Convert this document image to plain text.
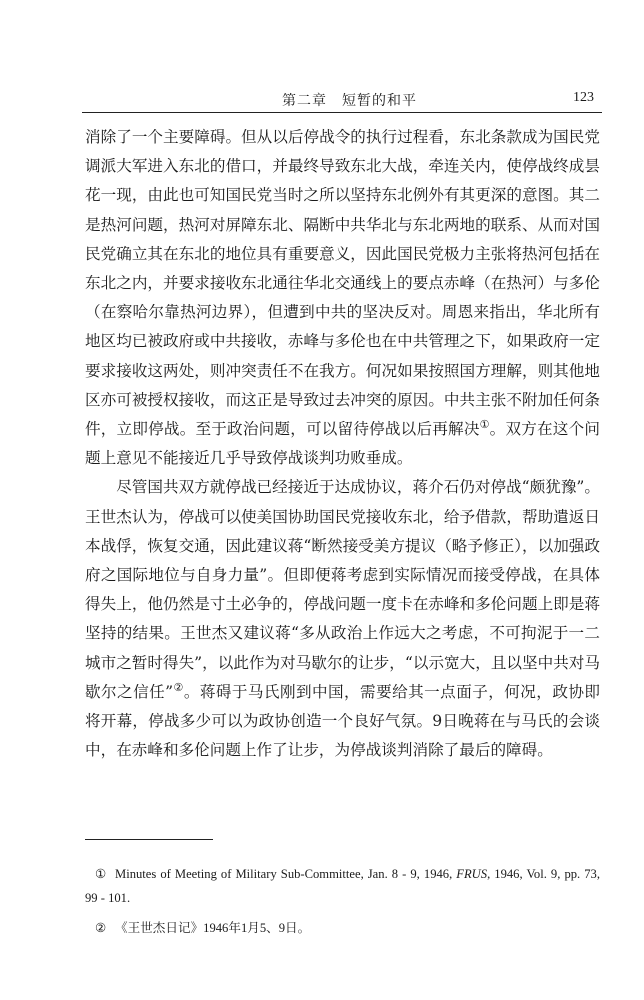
第二章　短暂的和平	123

消除了一个主要障碍。但从以后停战令的执行过程看，东北条款成为国民党调派大军进入东北的借口，并最终导致东北大战，牵连关内，使停战终成昙花一现，由此也可知国民党当时之所以坚持东北例外有其更深的意图。其二是热河问题，热河对屏障东北、隔断中共华北与东北两地的联系、从而对国民党确立其在东北的地位具有重要意义，因此国民党极力主张将热河包括在东北之内，并要求接收东北通往华北交通线上的要点赤峰（在热河）与多伦（在察哈尔靠热河边界），但遭到中共的坚决反对。周恩来指出，华北所有地区均已被政府或中共接收，赤峰与多伦也在中共管理之下，如果政府一定要求接收这两处，则冲突责任不在我方。何况如果按照国方理解，则其他地区亦可被授权接收，而这正是导致过去冲突的原因。中共主张不附加任何条件，立即停战。至于政治问题，可以留待停战以后再解决①。双方在这个问题上意见不能接近几乎导致停战谈判功败垂成。

尽管国共双方就停战已经接近于达成协议，蒋介石仍对停战“颇犹豫”。王世杰认为，停战可以使美国协助国民党接收东北，给予借款，帮助遣返日本战俘，恢复交通，因此建议蒋“断然接受美方提议（略予修正），以加强政府之国际地位与自身力量”。但即便蒋考虑到实际情况而接受停战，在具体得失上，他仍然是寸土必争的，停战问题一度卡在赤峰和多伦问题上即是蒋坚持的结果。王世杰又建议蒋“多从政治上作远大之考虑，不可拘泥于一二城市之暂时得失”，以此作为对马歇尔的让步，“以示宽大，且以坚中共对马歇尔之信任”②。蒋碍于马氏刚到中国，需要给其一点面子，何况，政协即将开幕，停战多少可以为政协创造一个良好气氛。9日晚蒋在与马氏的会谈中，在赤峰和多伦问题上作了让步，为停战谈判消除了最后的障碍。

① Minutes of Meeting of Military Sub-Committee, Jan. 8 - 9, 1946, FRUS, 1946, Vol. 9, pp. 73, 99 - 101.

② 《王世杰日记》1946年1月5、9日。
